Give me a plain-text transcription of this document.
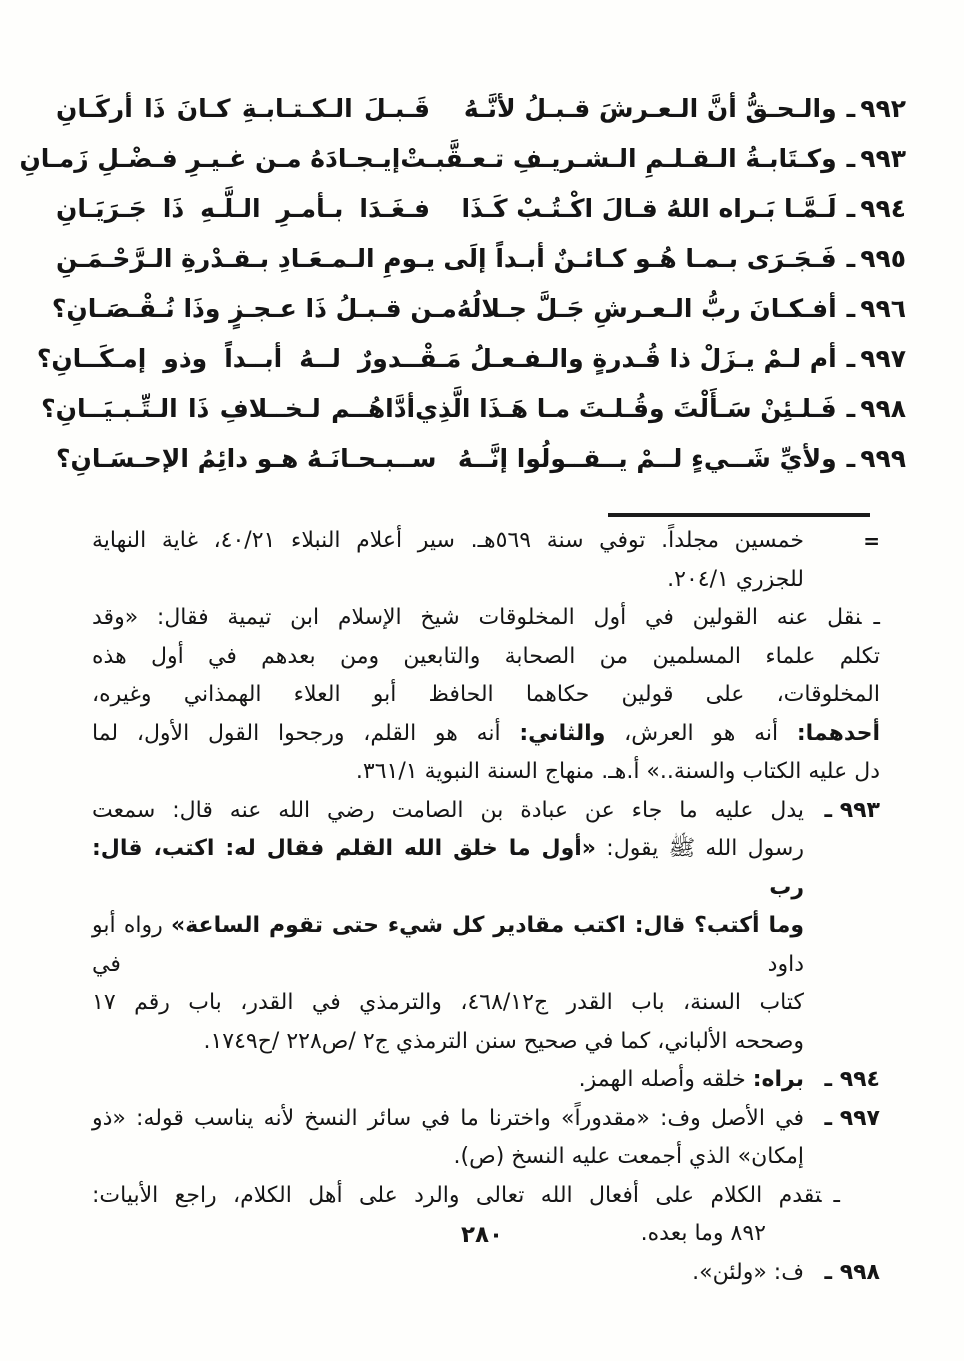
٩٩٢
ـ
والـحـقُّ أنَّ الـعـرشَ قـبـلُ لأنَّـهُ
قَـبـلَ الـكـتـابـةِ كـانَ ذَا أركَـانِ
٩٩٣
ـ
وكـتَابـةُ الـقـلـمِ الـشـريـفِ تـعـقَّبـتْ
إيـجـادَهُ مـن غـيـرِ فـضْـلِ زَمـانِ
٩٩٤
ـ
لَـمَّـا بَـراه اللهُ قـالَ اكْـتُـبْ كَـذَا
فـغَـدَا بـأمـرِ الـلَّـهِ ذَا جَـرَيَـانِ
٩٩٥
ـ
فَـجَـرَى بـمـا هُـو كـائـنٌ أبـداً إلَى
يـومِ الـمـعَـادِ بـقـدْرةِ الـرَّحْـمَـنِ
٩٩٦
ـ
أفـكـانَ ربُّ الـعـرشِ جَـلَّ جـلالُهُ
مـن قـبـلُ ذَا عـجـزٍ وذَا نُـقْـصَـانِ؟
٩٩٧
ـ
أم لـمْ يـزَلْ ذا قُـدرةٍ والـفـعـلُ مَـقْـ
ـدورٌ لــهُ أبــداً وذو إمـكَــانِ؟
٩٩٨
ـ
فَـلـئِنْ سَـأَلْتَ وقُـلـتَ مـا هَـذَا الَّذِي
أدَّاهُــم لـخــلافِ ذَا الـتِّـبـيَــانِ؟
٩٩٩
ـ
ولأيِّ شَــيءٍ لــمْ يــقــولُوا إنَّــهُ
ســبـحـانَـهُ هـو دائِمُ الإحـسَـانِ؟
=
خمسين مجلداً. توفي سنة ٥٦٩هـ. سير أعلام النبلاء ٤٠/٢١، غاية النهاية
للجزري ٢٠٤/١.
ـنقل عنه القولين في أول المخلوقات شيخ الإسلام ابن تيمية فقال: «وقد
تكلم علماء المسلمين من الصحابة والتابعين ومن بعدهم في أول هذه
المخلوقات، على قولين حكاهما الحافظ أبو العلاء الهمذاني وغيره،
أحدهما: أنه هو العرش، والثاني: أنه هو القلم، ورجحوا القول الأول، لما
دل عليه الكتاب والسنة..» أ.هـ. منهاج السنة النبوية ٣٦١/١.
٩٩٣ ـ
يدل عليه ما جاء عن عبادة بن الصامت رضي الله عنه قال: سمعت
رسول الله ﷺ يقول: «أول ما خلق الله القلم فقال له: اكتب، قال: رب
وما أكتب؟ قال: اكتب مقادير كل شيء حتى تقوم الساعة» رواه أبو داود في
كتاب السنة، باب القدر ج٤٦٨/١٢، والترمذي في القدر، باب رقم ١٧
وصححه الألباني، كما في صحيح سنن الترمذي ج٢ /ص٢٢٨ /ح١٧٤٩.
٩٩٤ ـ
براه: خلقه وأصله الهمز.
٩٩٧ ـ
في الأصل وف: «مقدوراً» واخترنا ما في سائر النسخ لأنه يناسب قوله: «ذو
إمكان» الذي أجمعت عليه النسخ (ص).
ـتقدم الكلام على أفعال الله تعالى والرد على أهل الكلام، راجع الأبيات:
٨٩٢ وما بعده.
٩٩٨ ـ
ف: «ولئن».
٢٨٠
